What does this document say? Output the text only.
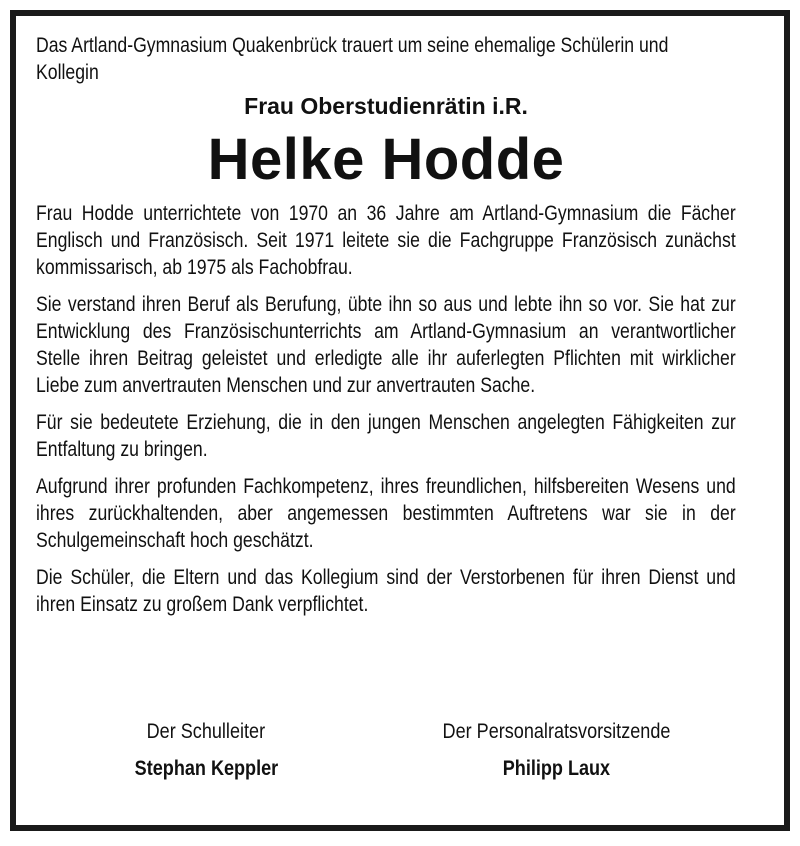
Das Artland-Gymnasium Quakenbrück trauert um seine ehemalige Schülerin und Kollegin

Frau Oberstudienrätin i.R.

Helke Hodde

Frau Hodde unterrichtete von 1970 an 36 Jahre am Artland-Gymnasium die Fächer Englisch und Französisch. Seit 1971 leitete sie die Fachgruppe Französisch zunächst kommissarisch, ab 1975 als Fachobfrau.

Sie verstand ihren Beruf als Berufung, übte ihn so aus und lebte ihn so vor. Sie hat zur Entwicklung des Französischunterrichts am Artland-Gymnasium an verantwortlicher Stelle ihren Beitrag geleistet und erledigte alle ihr auferlegten Pflichten mit wirklicher Liebe zum anvertrauten Menschen und zur anvertrauten Sache.

Für sie bedeutete Erziehung, die in den jungen Menschen angelegten Fähigkeiten zur Entfaltung zu bringen.

Aufgrund ihrer profunden Fachkompetenz, ihres freundlichen, hilfsbereiten Wesens und ihres zurückhaltenden, aber angemessen bestimmten Auftretens war sie in der Schulgemeinschaft hoch geschätzt.

Die Schüler, die Eltern und das Kollegium sind der Verstorbenen für ihren Dienst und ihren Einsatz zu großem Dank verpflichtet.

Der Schulleiter
Stephan Keppler
Der Personalratsvorsitzende
Philipp Laux
